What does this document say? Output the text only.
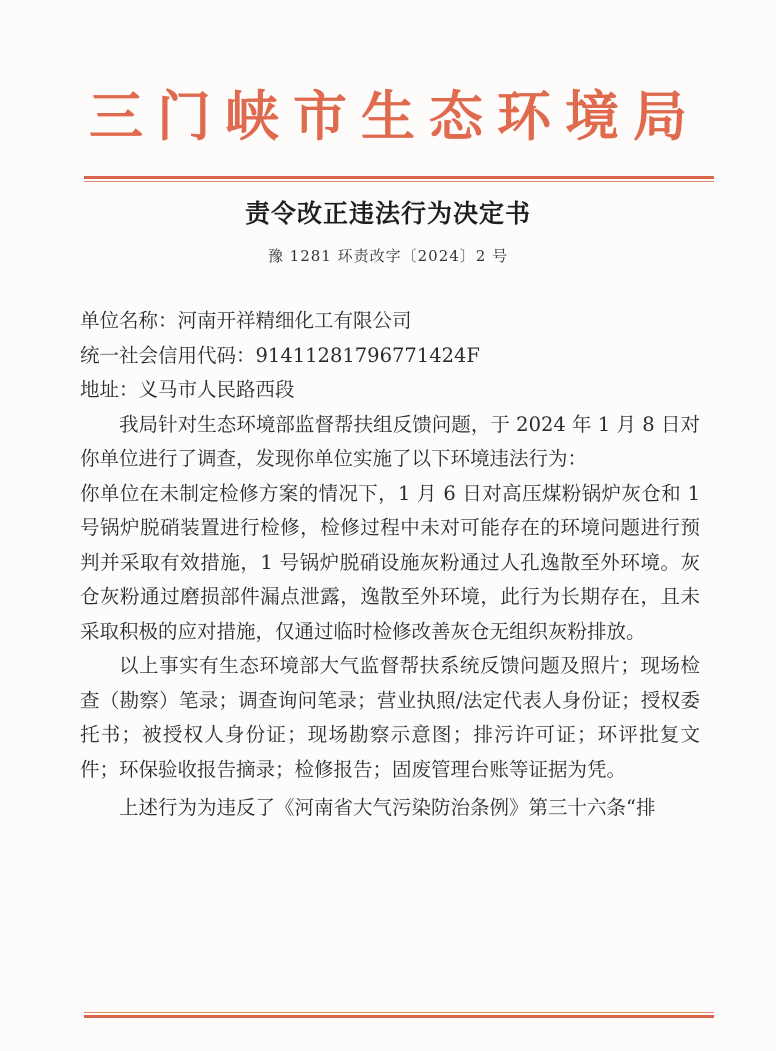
三门峡市生态环境局
责令改正违法行为决定书
豫 1281 环责改字〔2024〕2 号

单位名称：河南开祥精细化工有限公司

统一社会信用代码：91411281796771424F

地址：义马市人民路西段

我局针对生态环境部监督帮扶组反馈问题，于 2024 年 1 月 8 日对你单位进行了调查，发现你单位实施了以下环境违法行为：

你单位在未制定检修方案的情况下，1 月 6 日对高压煤粉锅炉灰仓和 1 号锅炉脱硝装置进行检修，检修过程中未对可能存在的环境问题进行预判并采取有效措施，1 号锅炉脱硝设施灰粉通过人孔逸散至外环境。灰仓灰粉通过磨损部件漏点泄露，逸散至外环境，此行为长期存在，且未采取积极的应对措施，仅通过临时检修改善灰仓无组织灰粉排放。

以上事实有生态环境部大气监督帮扶系统反馈问题及照片；现场检查（勘察）笔录；调查询问笔录；营业执照/法定代表人身份证；授权委托书；被授权人身份证；现场勘察示意图；排污许可证；环评批复文件；环保验收报告摘录；检修报告；固废管理台账等证据为凭。

上述行为为违反了《河南省大气污染防治条例》第三十六条“排
